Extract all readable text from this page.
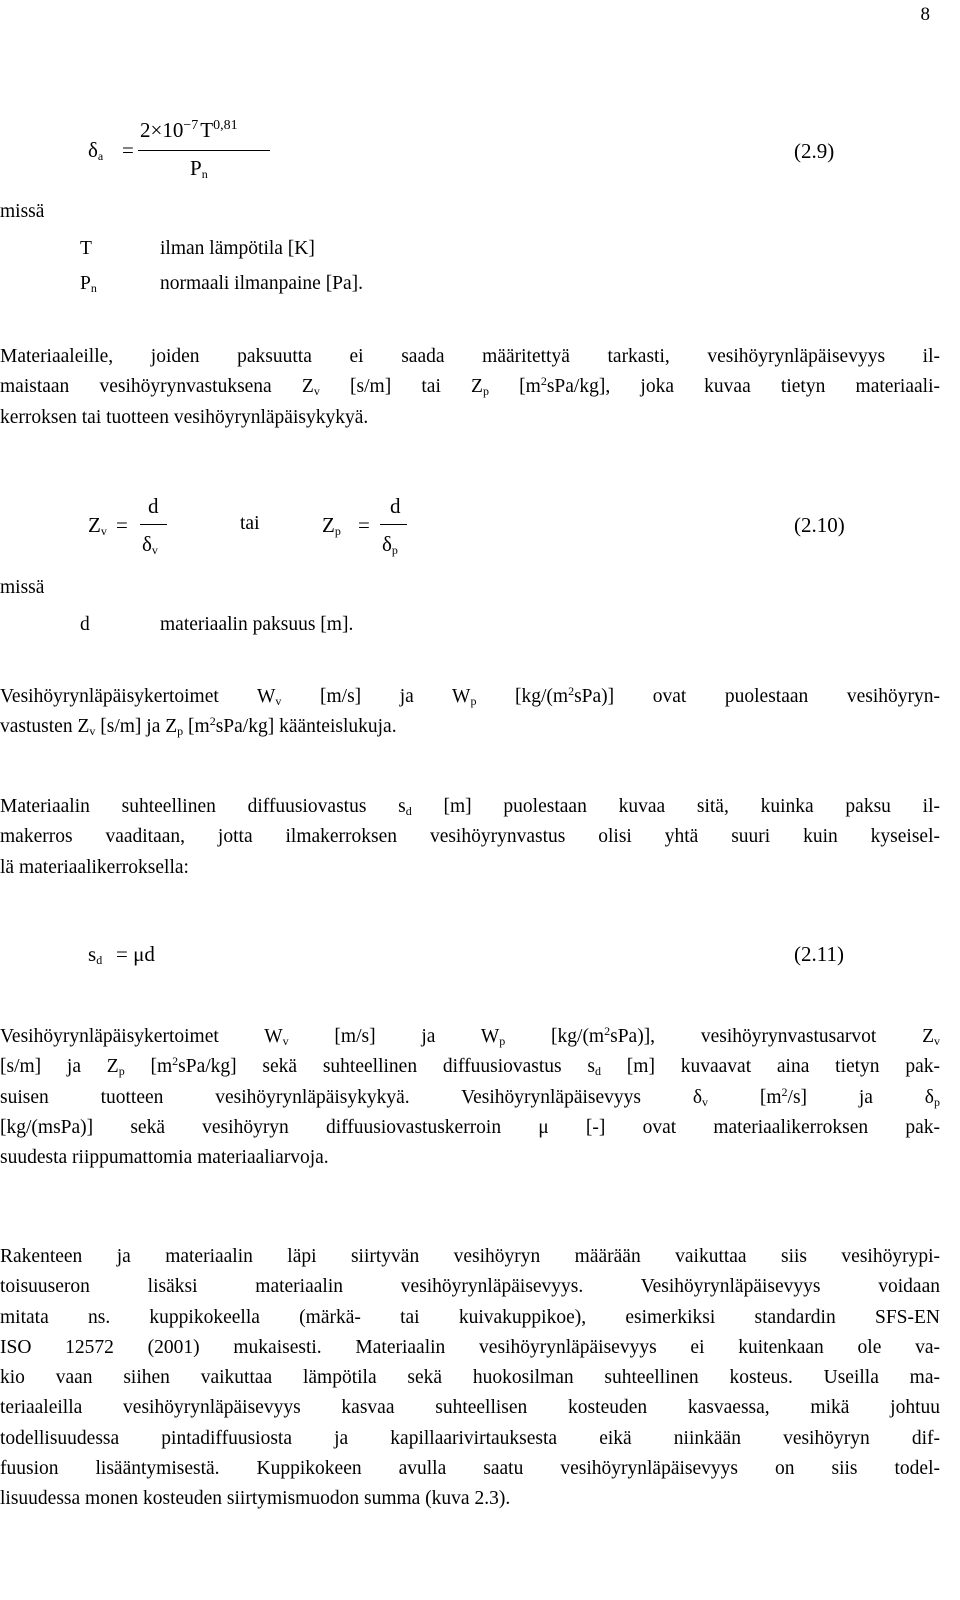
8
$\delta_a$ =
$2\times 10^{-7}T^{0,81}$
$P_n$
(2.9)
missä
T	ilman lämpötila [K]
$P_n$	normaali ilmanpaine [Pa].
Materiaaleille, joiden paksuutta ei saada määritettyä tarkasti, vesihöyrynläpäisevyys il-
maistaan vesihöyrynvastuksena $Z_v$ [s/m] tai $Z_p$ $[m^2sPa/kg]$, joka kuvaa tietyn materiaali-
kerroksen tai tuotteen vesihöyrynläpäisykykyä.
$Z_v$ =
d
$\delta_v$
tai	$Z_p$ =
d
$\delta_p$
(2.10)
missä
d	materiaalin paksuus [m].
Vesihöyrynläpäisykertoimet $W_v$ [m/s] ja $W_p$ $[kg/(m^2sPa)]$ ovat puolestaan vesihöyryn-
vastusten $Z_v$ [s/m] ja $Z_p$ $[m^2sPa/kg]$ käänteislukuja.
Materiaalin suhteellinen diffuusiovastus $s_d$ [m] puolestaan kuvaa sitä, kuinka paksu il-
makerros vaaditaan, jotta ilmakerroksen vesihöyrynvastus olisi yhtä suuri kuin kyseisel-
lä materiaalikerroksella:
$s_d = \mu d$	(2.11)
Vesihöyrynläpäisykertoimet $W_v$ [m/s] ja $W_p$ $[kg/(m^2sPa)]$, vesihöyrynvastusarvot $Z_v$
[s/m] ja $Z_p$ $[m^2sPa/kg]$ sekä suhteellinen diffuusiovastus $s_d$ [m] kuvaavat aina tietyn pak-
suisen tuotteen vesihöyrynläpäisykykyä. Vesihöyrynläpäisevyys $\delta_v$ $[m^2/s]$ ja $\delta_p$
[kg/(msPa)] sekä vesihöyryn diffuusiovastuskerroin μ [-] ovat materiaalikerroksen pak-
suudesta riippumattomia materiaaliarvoja.
Rakenteen ja materiaalin läpi siirtyvän vesihöyryn määrään vaikuttaa siis vesihöyrypi-
toisuuseron lisäksi materiaalin vesihöyrynläpäisevyys. Vesihöyrynläpäisevyys voidaan
mitata ns. kuppikokeella (märkä- tai kuivakuppikoe), esimerkiksi standardin SFS-EN
ISO 12572 (2001) mukaisesti. Materiaalin vesihöyrynläpäisevyys ei kuitenkaan ole va-
kio vaan siihen vaikuttaa lämpötila sekä huokosilman suhteellinen kosteus. Useilla ma-
teriaaleilla vesihöyrynläpäisevyys kasvaa suhteellisen kosteuden kasvaessa, mikä johtuu
todellisuudessa pintadiffuusiosta ja kapillaarivirtauksesta eikä niinkään vesihöyryn dif-
fuusion lisääntymisestä. Kuppikokeen avulla saatu vesihöyrynläpäisevyys on siis todel-
lisuudessa monen kosteuden siirtymismuodon summa (kuva 2.3).
